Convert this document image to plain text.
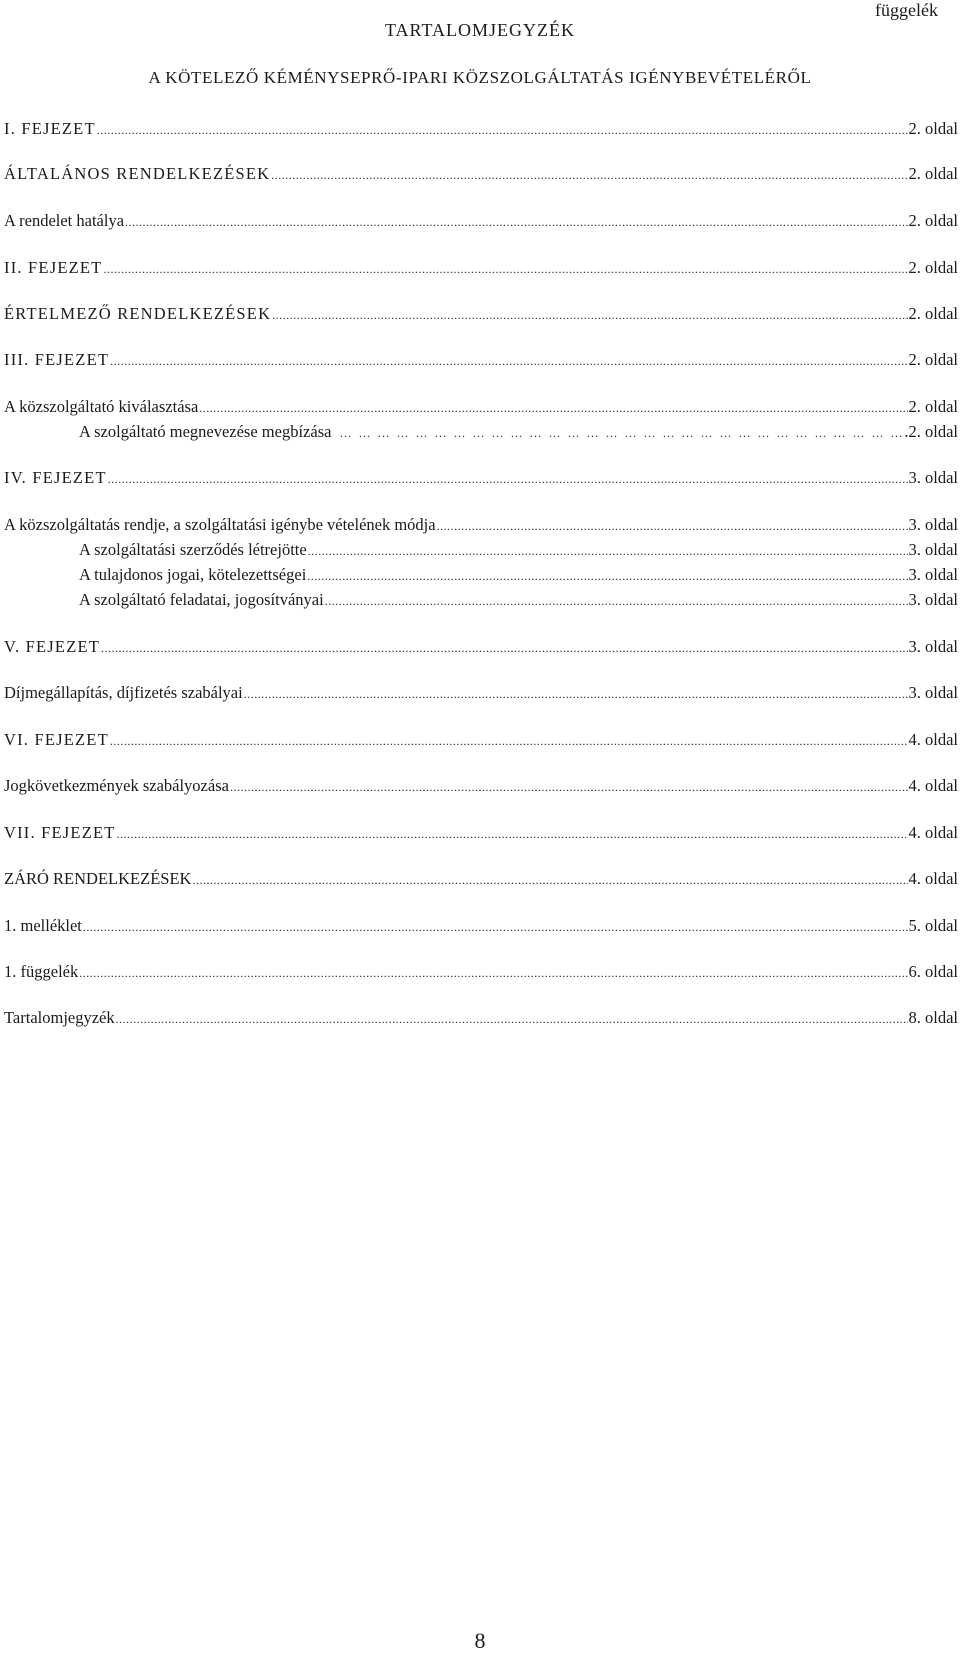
függelék
TARTALOMJEGYZÉK
A KÖTELEZŐ KÉMÉNYSEPRŐ-IPARI KÖZSZOLGÁLTATÁS IGÉNYBEVÉTELÉRŐL
I. FEJEZET .....	2. oldal
ÁLTALÁNOS RENDELKEZÉSEK .....	2. oldal
A rendelet hatálya .....	2. oldal
II. FEJEZET .....	2. oldal
ÉRTELMEZŐ RENDELKEZÉSEK .....	2. oldal
III. FEJEZET .....	2. oldal
A közszolgáltató kiválasztása .....	2. oldal
A szolgáltató megnevezése megbízása … … … … … … … … … … … … … … … … … … … … … … … … … … … … … …	.2. oldal
IV. FEJEZET .....	3. oldal
A közszolgáltatás rendje, a szolgáltatási igénybe vételének módja .....	3. oldal
A szolgáltatási szerződés létrejötte .....	3. oldal
A tulajdonos jogai, kötelezettségei .....	3. oldal
A szolgáltató feladatai, jogosítványai .....	3. oldal
V. FEJEZET .....	3. oldal
Díjmegállapítás, díjfizetés szabályai .....	3. oldal
VI. FEJEZET .....	4. oldal
Jogkövetkezmények szabályozása .....	4. oldal
VII. FEJEZET .....	4. oldal
ZÁRÓ RENDELKEZÉSEK .....	4. oldal
1. melléklet .....	5. oldal
1. függelék .....	6. oldal
Tartalomjegyzék .....	8. oldal
8
